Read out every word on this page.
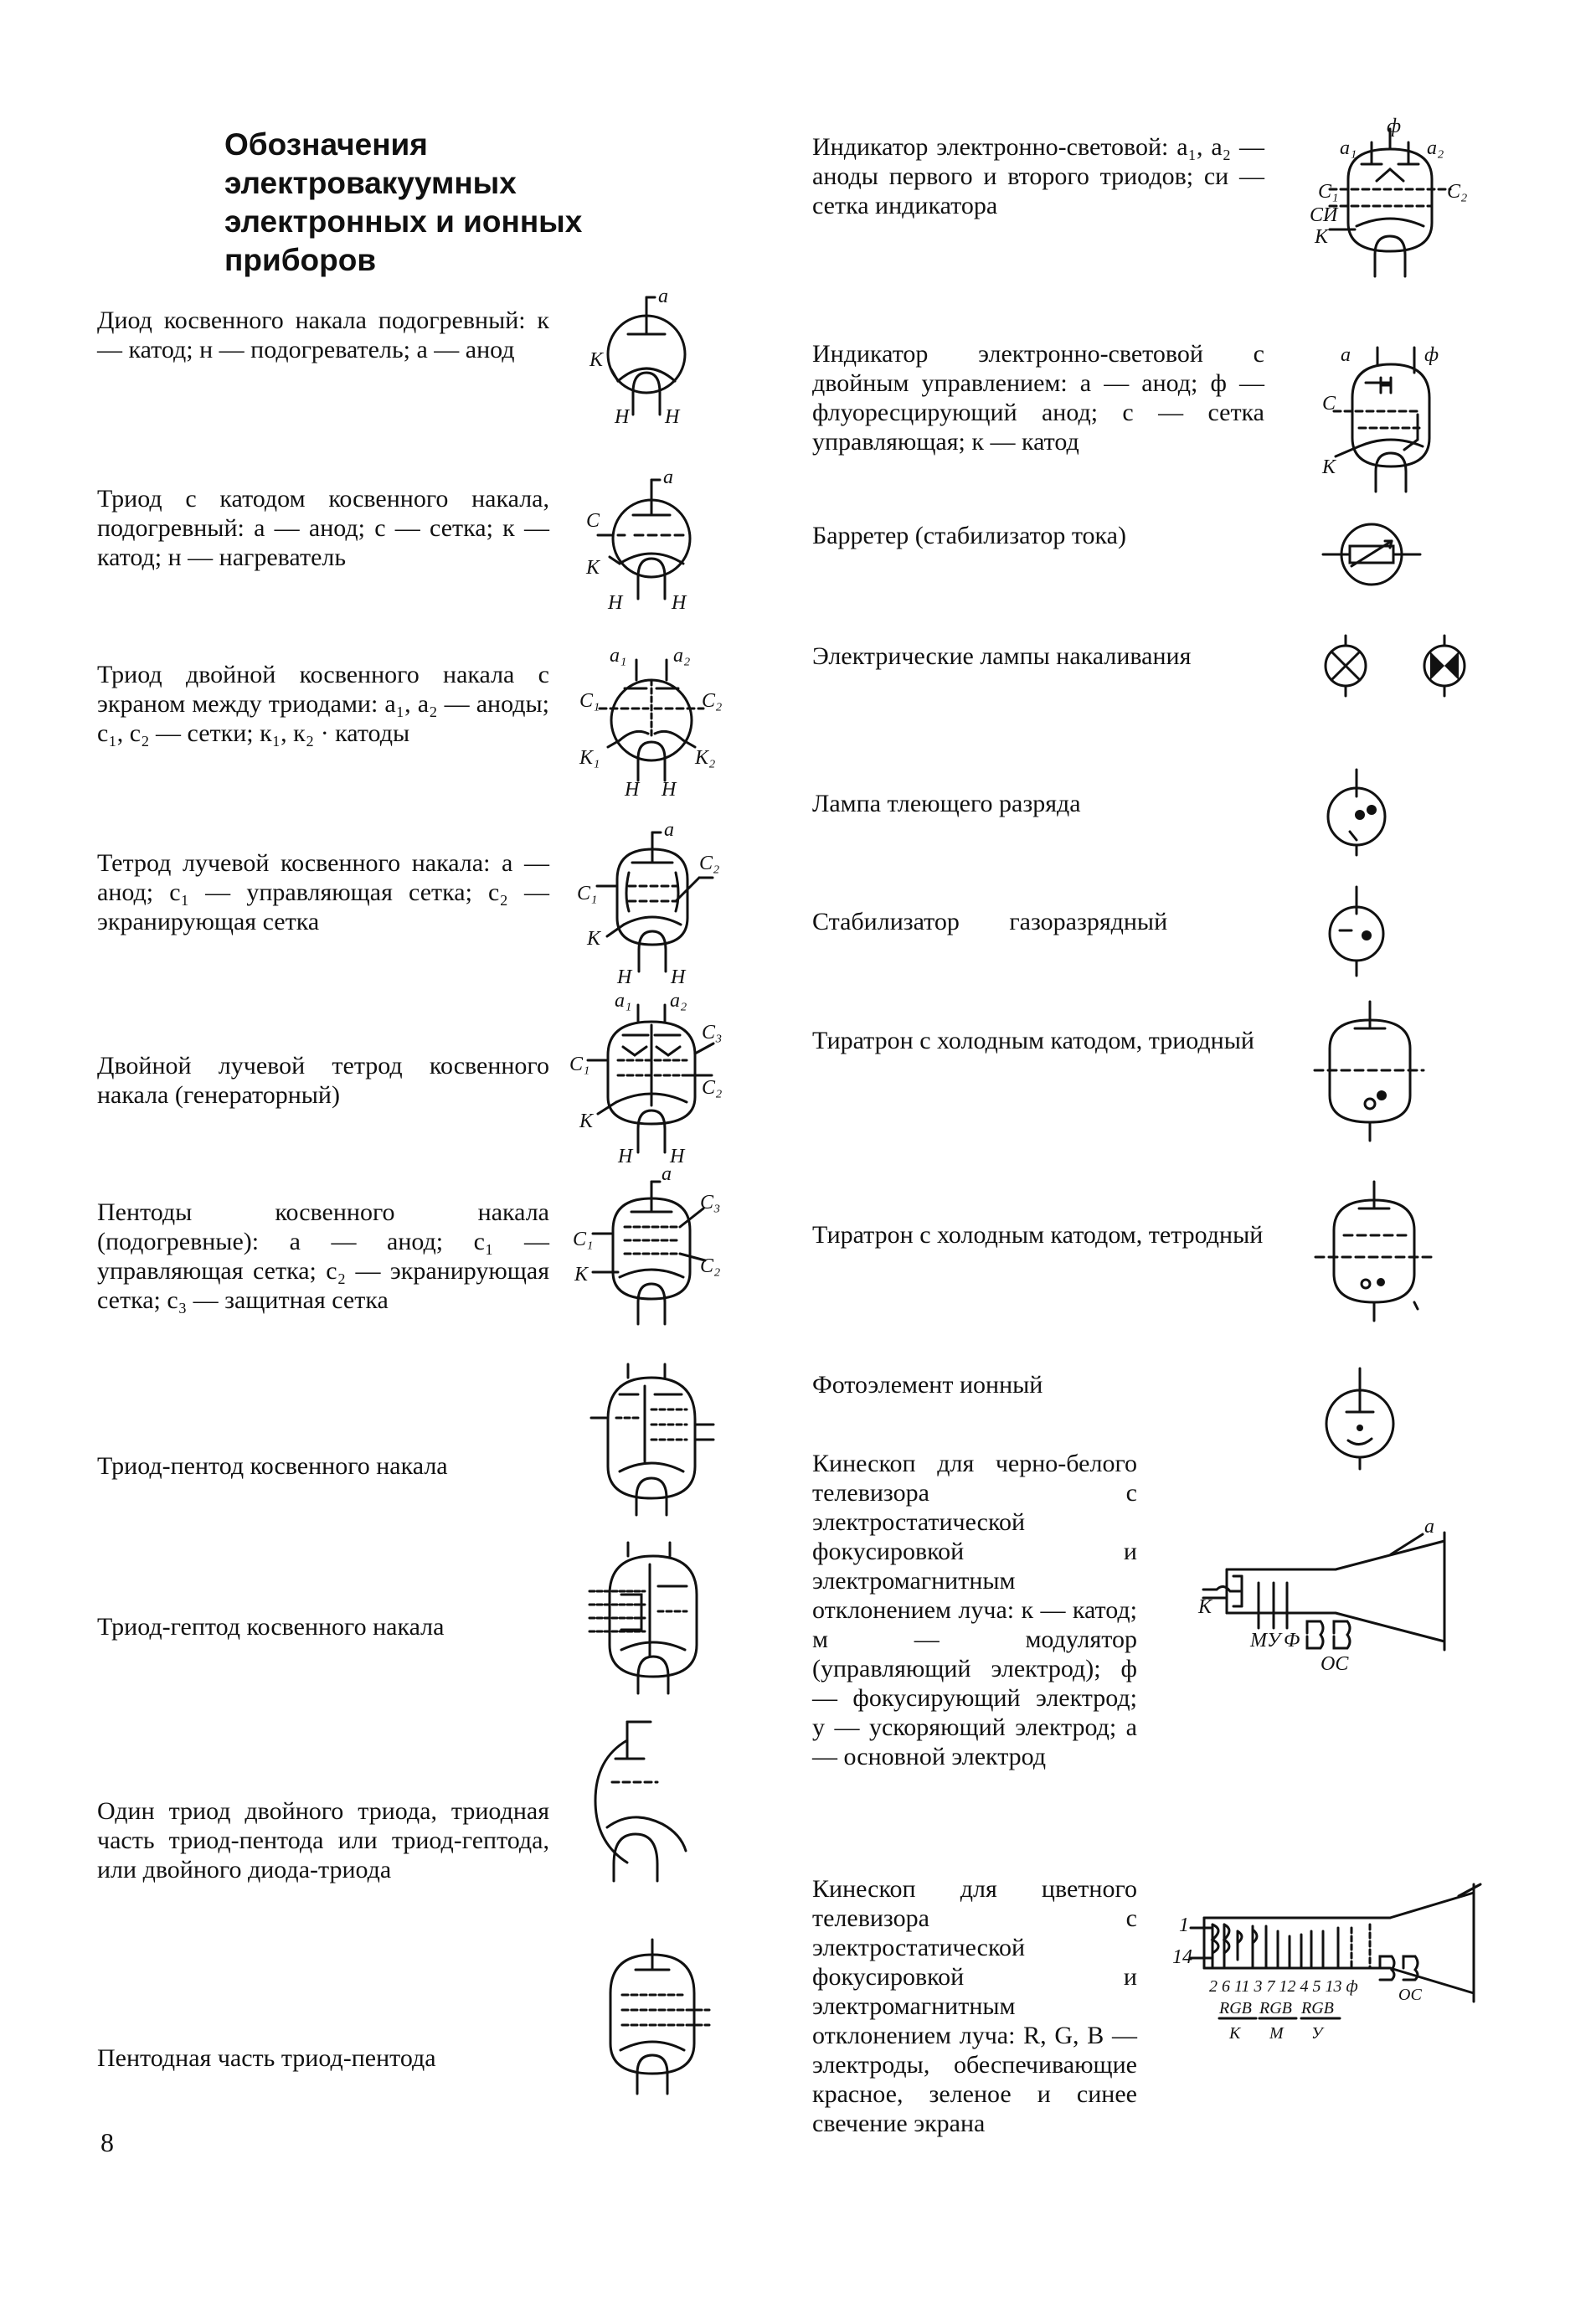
Обозначения электровакуумных электронных и ионных приборов
Диод косвенного накала подогревный: к — катод; н — подогреватель; а — анод
а
К
Н Н
Триод с катодом косвенного накала, подогревный: а — анод; с — сетка; к — катод; н — нагреватель
а
С
К
Н Н
Триод двойной косвенного накала с экраном между триодами: а₁, а₂ — аноды; с₁, с₂ — сетки; к₁, к₂ · катоды
а₁ а₂
С₁	С₂
К₁	К₂
Н Н
Тетрод лучевой косвенного накала: а — анод; с₁ — управляющая сетка; с₂ — экранирующая сетка
а
С₁
С₂
К
Н Н
Двойной лучевой тетрод косвенного накала (генераторный)
а₁ а₂
С₁
С₃
С₂
К
Н Н
Пентоды косвенного накала (подогревные): а — анод; с₁ — управляющая сетка; с₂ — экранирующая сетка; с₃ — защитная сетка
а
С₁
С₃
С₂
К
Триод-пентод косвенного накала
Триод-гептод косвенного накала
Один триод двойного триода, триодная часть триод-пентода или триод-гептода, или двойного диода-триода
Пентодная часть триод-пентода
Индикатор электронно-световой: а₁, а₂ — аноды первого и второго триодов; си — сетка индикатора
а₁
ф
а₂
С₁	С₂
СИ
К
Индикатор электронно-световой с двойным управлением: а — анод; ф — флуоресцирующий анод; с — сетка управляющая; к — катод
а	ф
С
К
Барретер (стабилизатор тока)
Электрические лампы накаливания
Лампа тлеющего разряда
Стабилизатор газоразрядный
Тиратрон с холодным катодом, триодный
Тиратрон с холодным катодом, тетродный
Фотоэлемент ионный
Кинескоп для черно-белого телевизора с электростатической фокусировкой и электромагнитным отклонением луча: к — катод; м — модулятор (управляющий электрод); ф — фокусирующий электрод; у — ускоряющий электрод; а — основной электрод
а
К
М У Ф
ОС
Кинескоп для цветного телевизора с электростатической фокусировкой и электромагнитным отклонением луча: R, G, B — электроды, обеспечивающие красное, зеленое и синее свечение экрана
1
14
2 6 11 3 7 12 4 5 13 ф
RGB RGB RGB
К М У
ОС
8
